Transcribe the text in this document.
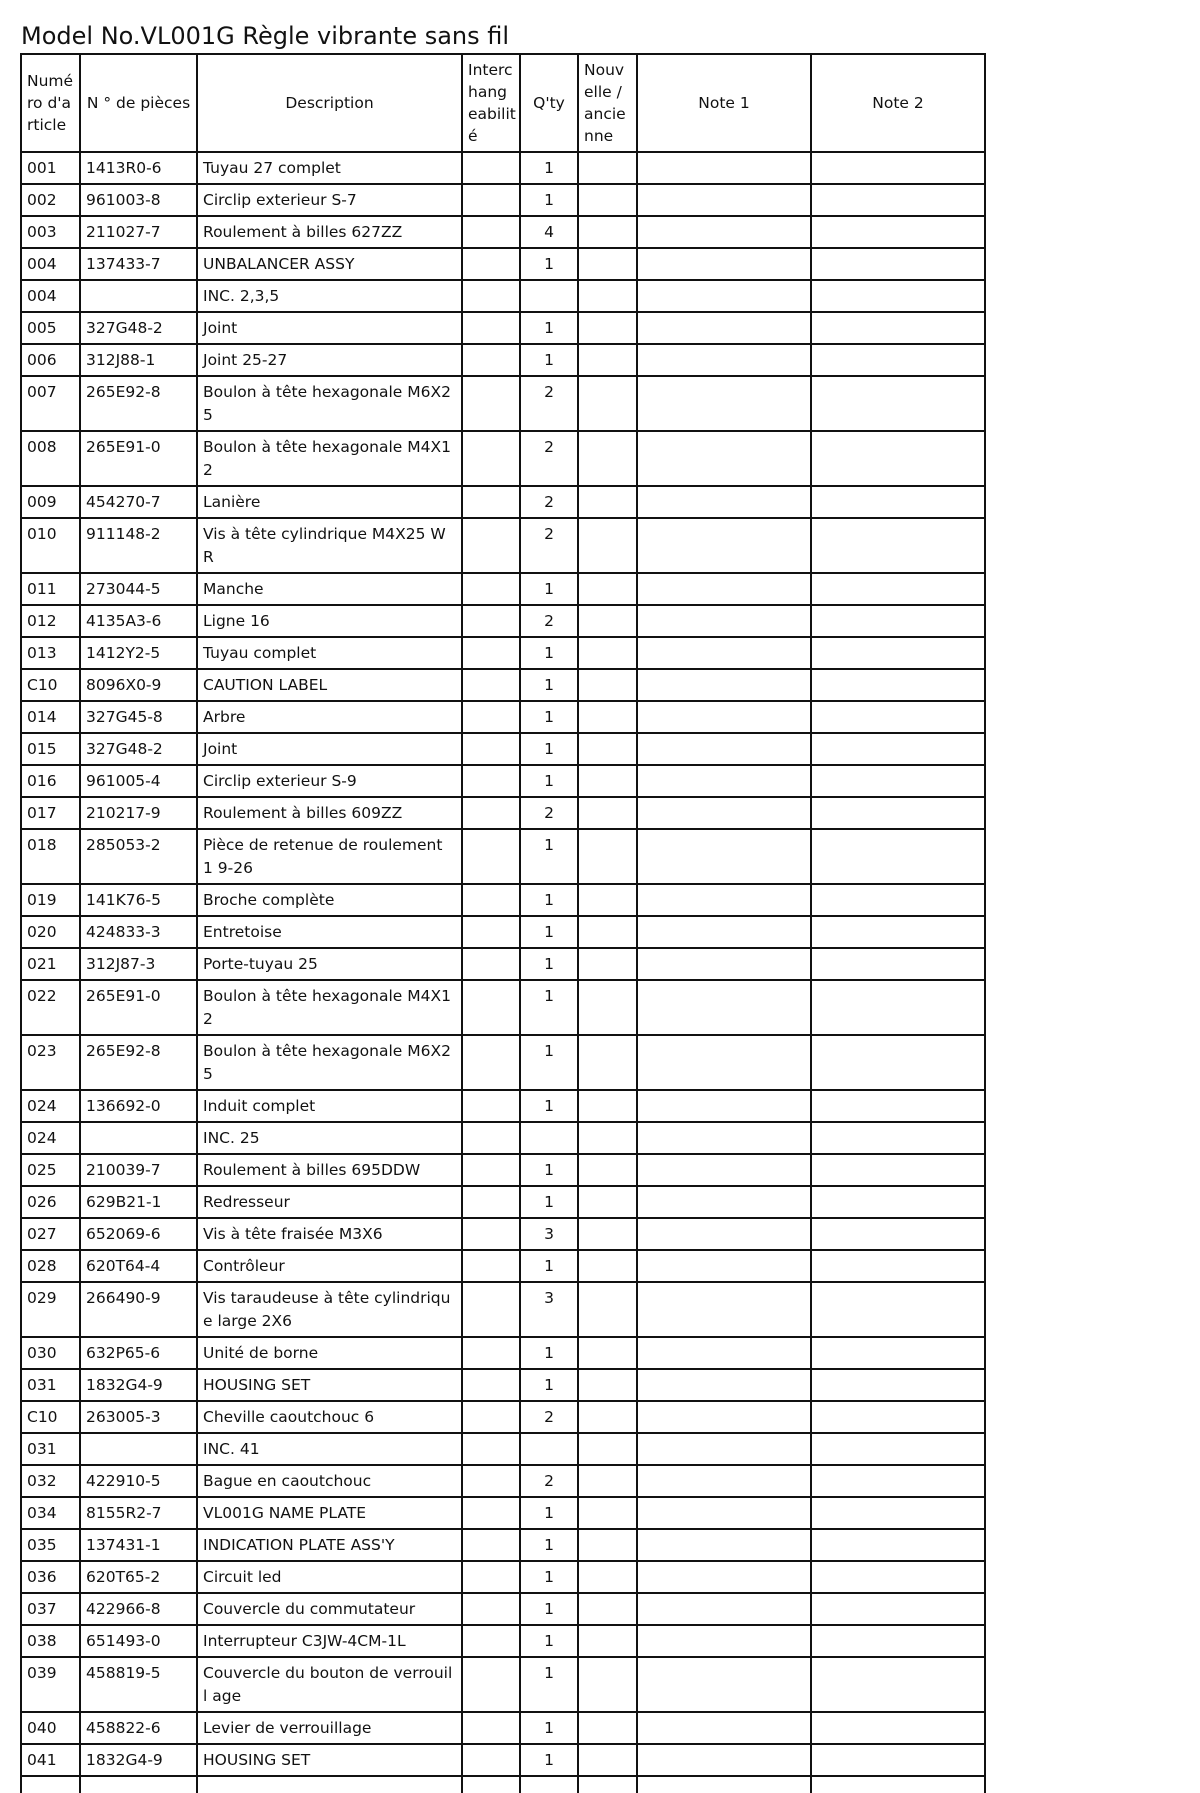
Model No.VL001G Règle vibrante sans fil
Numé ro d'a rticle	N ° de pièces	Description	Interc hang eabilit é	Q'ty	Nouv elle / ancie nne	Note 1	Note 2
001	1413R0-6	Tuyau 27 complet		1			
002	961003-8	Circlip exterieur S-7		1			
003	211027-7	Roulement à billes 627ZZ		4			
004	137433-7	UNBALANCER ASSY		1			
004		INC. 2,3,5					
005	327G48-2	Joint		1			
006	312J88-1	Joint 25-27		1			
007	265E92-8	Boulon à tête hexagonale M6X25		2			
008	265E91-0	Boulon à tête hexagonale M4X12		2			
009	454270-7	Lanière		2			
010	911148-2	Vis à tête cylindrique M4X25 WR		2			
011	273044-5	Manche		1			
012	4135A3-6	Ligne 16		2			
013	1412Y2-5	Tuyau complet		1			
C10	8096X0-9	CAUTION LABEL		1			
014	327G45-8	Arbre		1			
015	327G48-2	Joint		1			
016	961005-4	Circlip exterieur S-9		1			
017	210217-9	Roulement à billes 609ZZ		2			
018	285053-2	Pièce de retenue de roulement 1 9-26		1			
019	141K76-5	Broche complète		1			
020	424833-3	Entretoise		1			
021	312J87-3	Porte-tuyau 25		1			
022	265E91-0	Boulon à tête hexagonale M4X12		1			
023	265E92-8	Boulon à tête hexagonale M6X25		1			
024	136692-0	Induit complet		1			
024		INC. 25					
025	210039-7	Roulement à billes 695DDW		1			
026	629B21-1	Redresseur		1			
027	652069-6	Vis à tête fraisée M3X6		3			
028	620T64-4	Contrôleur		1			
029	266490-9	Vis taraudeuse à tête cylindrique large 2X6		3			
030	632P65-6	Unité de borne		1			
031	1832G4-9	HOUSING SET		1			
C10	263005-3	Cheville caoutchouc 6		2			
031		INC. 41					
032	422910-5	Bague en caoutchouc		2			
034	8155R2-7	VL001G NAME PLATE		1			
035	137431-1	INDICATION PLATE ASS'Y		1			
036	620T65-2	Circuit led		1			
037	422966-8	Couvercle du commutateur		1			
038	651493-0	Interrupteur C3JW-4CM-1L		1			
039	458819-5	Couvercle du bouton de verrouill age		1			
040	458822-6	Levier de verrouillage		1			
041	1832G4-9	HOUSING SET		1			
